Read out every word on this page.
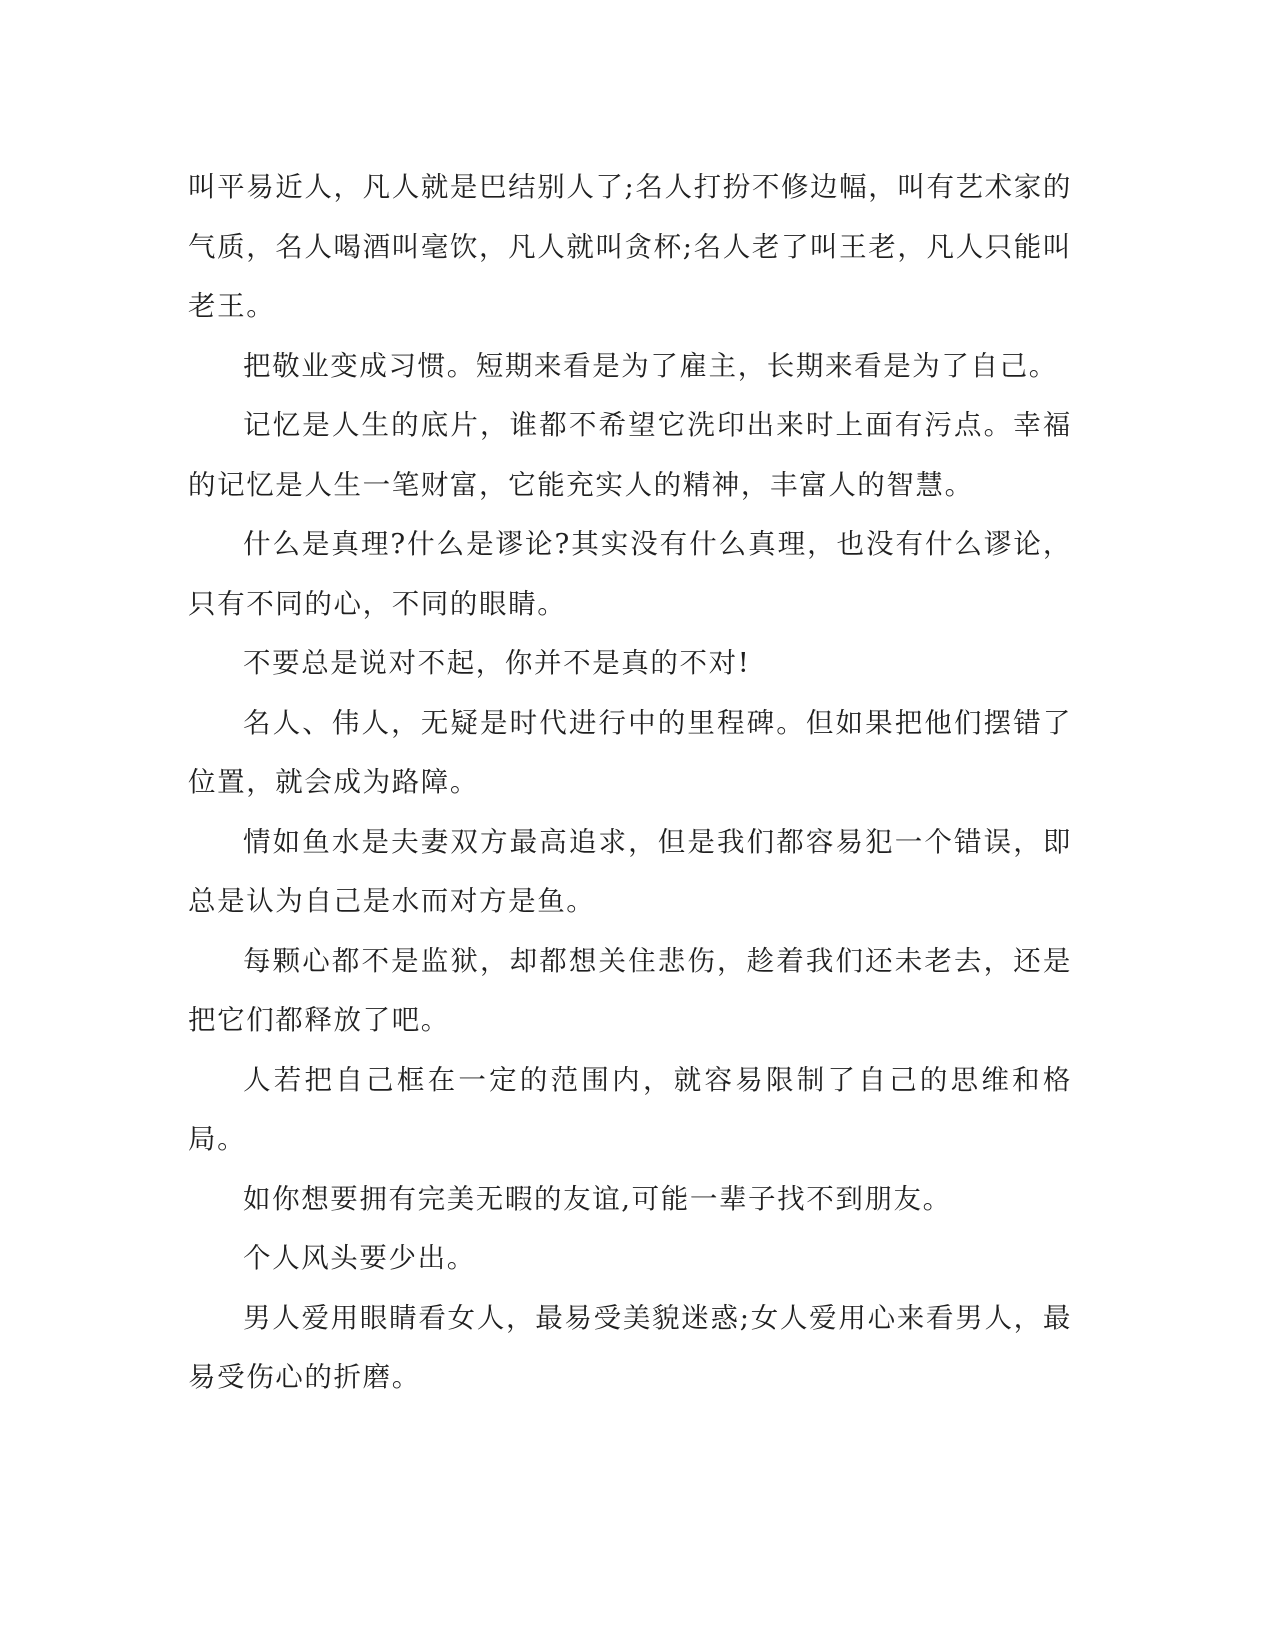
叫平易近人，凡人就是巴结别人了;名人打扮不修边幅，叫有艺术家的气质，名人喝酒叫毫饮，凡人就叫贪杯;名人老了叫王老，凡人只能叫老王。

把敬业变成习惯。短期来看是为了雇主，长期来看是为了自己。

记忆是人生的底片，谁都不希望它洗印出来时上面有污点。幸福的记忆是人生一笔财富，它能充实人的精神，丰富人的智慧。

什么是真理?什么是谬论?其实没有什么真理，也没有什么谬论，只有不同的心，不同的眼睛。

不要总是说对不起，你并不是真的不对!

名人、伟人，无疑是时代进行中的里程碑。但如果把他们摆错了位置，就会成为路障。

情如鱼水是夫妻双方最高追求，但是我们都容易犯一个错误，即总是认为自己是水而对方是鱼。

每颗心都不是监狱，却都想关住悲伤，趁着我们还未老去，还是把它们都释放了吧。

人若把自己框在一定的范围内，就容易限制了自己的思维和格局。

如你想要拥有完美无暇的友谊,可能一辈子找不到朋友。

个人风头要少出。

男人爱用眼睛看女人，最易受美貌迷惑;女人爱用心来看男人，最易受伤心的折磨。
